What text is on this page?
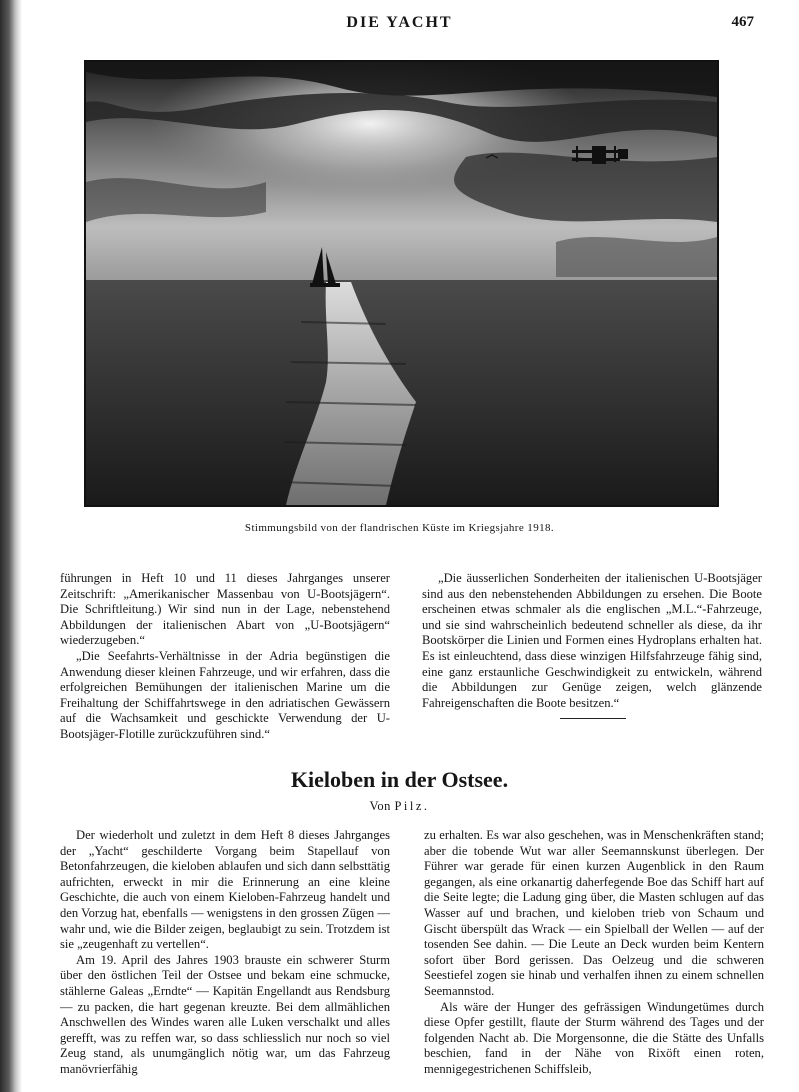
DIE YACHT	467
Stimmungsbild von der flandrischen Küste im Kriegsjahre 1918.

führungen in Heft 10 und 11 dieses Jahrganges unserer Zeitschrift: „Amerikanischer Massenbau von U-Bootsjägern“. Die Schriftleitung.) Wir sind nun in der Lage, nebenstehend Abbildungen der italienischen Abart von „U-Bootsjägern“ wiederzugeben.“

„Die Seefahrts-Verhältnisse in der Adria begünstigen die Anwendung dieser kleinen Fahrzeuge, und wir erfahren, dass die erfolgreichen Bemühungen der italienischen Marine um die Freihaltung der Schiffahrtswege in den adriatischen Gewässern auf die Wachsamkeit und geschickte Verwendung der U-Bootsjäger-Flotille zurückzuführen sind.“

„Die äusserlichen Sonderheiten der italienischen U-Bootsjäger sind aus den nebenstehenden Abbildungen zu ersehen. Die Boote erscheinen etwas schmaler als die englischen „M.L.“-Fahrzeuge, und sie sind wahrscheinlich bedeutend schneller als diese, da ihr Bootskörper die Linien und Formen eines Hydroplans erhalten hat. Es ist einleuchtend, dass diese winzigen Hilfsfahrzeuge fähig sind, eine ganz erstaunliche Geschwindigkeit zu entwickeln, während die Abbildungen zur Genüge zeigen, welch glänzende Fahreigenschaften die Boote besitzen.“

Kieloben in der Ostsee.
Von Pilz.

Der wiederholt und zuletzt in dem Heft 8 dieses Jahrganges der „Yacht“ geschilderte Vorgang beim Stapellauf von Betonfahrzeugen, die kieloben ablaufen und sich dann selbsttätig aufrichten, erweckt in mir die Erinnerung an eine kleine Geschichte, die auch von einem Kieloben-Fahrzeug handelt und den Vorzug hat, ebenfalls — wenigstens in den grossen Zügen — wahr und, wie die Bilder zeigen, beglaubigt zu sein. Trotzdem ist sie „zeugenhaft zu vertellen“.

Am 19. April des Jahres 1903 brauste ein schwerer Sturm über den östlichen Teil der Ostsee und bekam eine schmucke, stählerne Galeas „Erndte“ — Kapitän Engellandt aus Rendsburg — zu packen, die hart gegenan kreuzte. Bei dem allmählichen Anschwellen des Windes waren alle Luken verschalkt und alles gerefft, was zu reffen war, so dass schliesslich nur noch so viel Zeug stand, als unumgänglich nötig war, um das Fahrzeug manövrierfähig

zu erhalten. Es war also geschehen, was in Menschenkräften stand; aber die tobende Wut war aller Seemannskunst überlegen. Der Führer war gerade für einen kurzen Augenblick in den Raum gegangen, als eine orkanartig daherfegende Boe das Schiff hart auf die Seite legte; die Ladung ging über, die Masten schlugen auf das Wasser auf und brachen, und kieloben trieb von Schaum und Gischt überspült das Wrack — ein Spielball der Wellen — auf der tosenden See dahin. — Die Leute an Deck wurden beim Kentern sofort über Bord gerissen. Das Oelzeug und die schweren Seestiefel zogen sie hinab und verhalfen ihnen zu einem schnellen Seemannstod.

Als wäre der Hunger des gefrässigen Windungetümes durch diese Opfer gestillt, flaute der Sturm während des Tages und der folgenden Nacht ab. Die Morgensonne, die die Stätte des Unfalls beschien, fand in der Nähe von Rixöft einen roten, mennigegestrichenen Schiffsleib,
